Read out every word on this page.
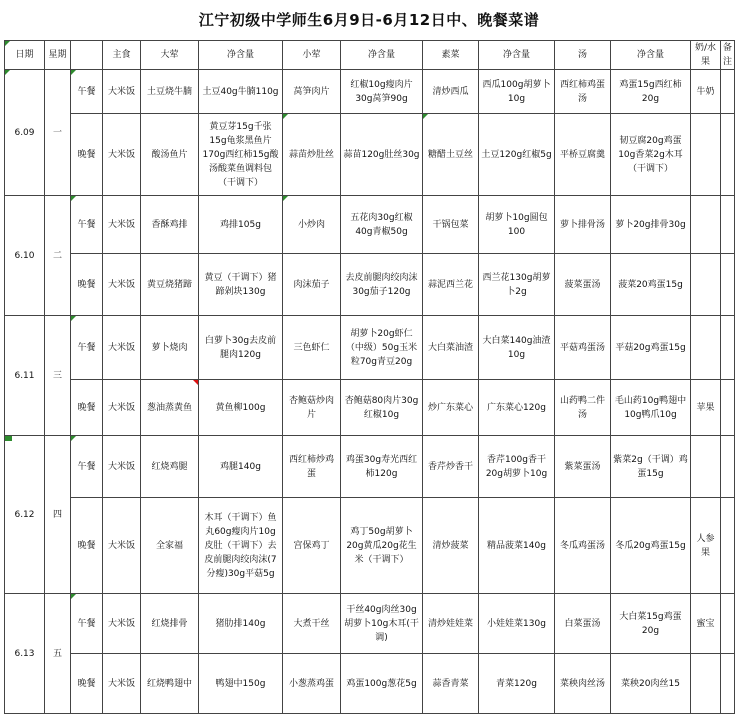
江宁初级中学师生6月9日-6月12日中、晚餐菜谱
日期	星期		主食	大荤	净含量	小荤	净含量	素菜	净含量	汤	净含量	奶/水果	备注
6.09	一	午餐	大米饭	土豆烧牛腩	土豆40g牛腩110g	莴笋肉片	红椒10g瘦肉片30g莴笋90g	清炒西瓜	西瓜100g胡萝卜10g	西红柿鸡蛋汤	鸡蛋15g西红柿20g	牛奶	
		晚餐	大米饭	酸汤鱼片	黄豆芽15g千张15g龟浆黑鱼片170g西红柿15g酸汤酸菜鱼调料包（干调下）	蒜苗炒肚丝	蒜苗120g肚丝30g	糖醋土豆丝	土豆120g红椒5g	平桥豆腐羹	韧豆腐20g鸡蛋10g香菜2g木耳（干调下）		
6.10	二	午餐	大米饭	香酥鸡排	鸡排105g	小炒肉	五花肉30g红椒40g青椒50g	干锅包菜	胡萝卜10g圆包100	萝卜排骨汤	萝卜20g排骨30g		
		晚餐	大米饭	黄豆烧猪蹄	黄豆（干调下）猪蹄剁块130g	肉沫茄子	去皮前腿肉绞肉沫30g茄子120g	蒜泥西兰花	西兰花130g胡萝卜2g	菠菜蛋汤	菠菜20鸡蛋15g		
6.11	三	午餐	大米饭	萝卜烧肉	白萝卜30g去皮前腿肉120g	三色虾仁	胡萝卜20g虾仁（中级）50g玉米粒70g青豆20g	大白菜油渣	大白菜140g油渣10g	平菇鸡蛋汤	平菇20g鸡蛋15g		
		晚餐	大米饭	葱油蒸黄鱼	黄鱼柳100g	杏鲍菇炒肉片	杏鲍菇80肉片30g红椒10g	炒广东菜心	广东菜心120g	山药鸭二件汤	毛山药10g鸭翅中10g鸭爪10g	苹果	
6.12	四	午餐	大米饭	红烧鸡腿	鸡腿140g	西红柿炒鸡蛋	鸡蛋30g寿光西红柿120g	香芹炒香干	香芹100g香干20g胡萝卜10g	紫菜蛋汤	紫菜2g（干调）鸡蛋15g		
		晚餐	大米饭	全家福	木耳（干调下）鱼丸60g瘦肉片10g皮肚（干调下）去皮前腿肉绞肉沫(7分瘦)30g平菇5g	宫保鸡丁	鸡丁50g胡萝卜20g黄瓜20g花生米（干调下）	清炒菠菜	精品菠菜140g	冬瓜鸡蛋汤	冬瓜20g鸡蛋15g	人参果	
6.13	五	午餐	大米饭	红烧排骨	猪肋排140g	大煮干丝	干丝40g肉丝30g胡萝卜10g木耳(干调)	清炒娃娃菜	小娃娃菜130g	白菜蛋汤	大白菜15g鸡蛋20g	蜜宝	
		晚餐	大米饭	红烧鸭翅中	鸭翅中150g	小葱蒸鸡蛋	鸡蛋100g葱花5g	蒜香青菜	青菜120g	菜秧肉丝汤	菜秧20肉丝15		
